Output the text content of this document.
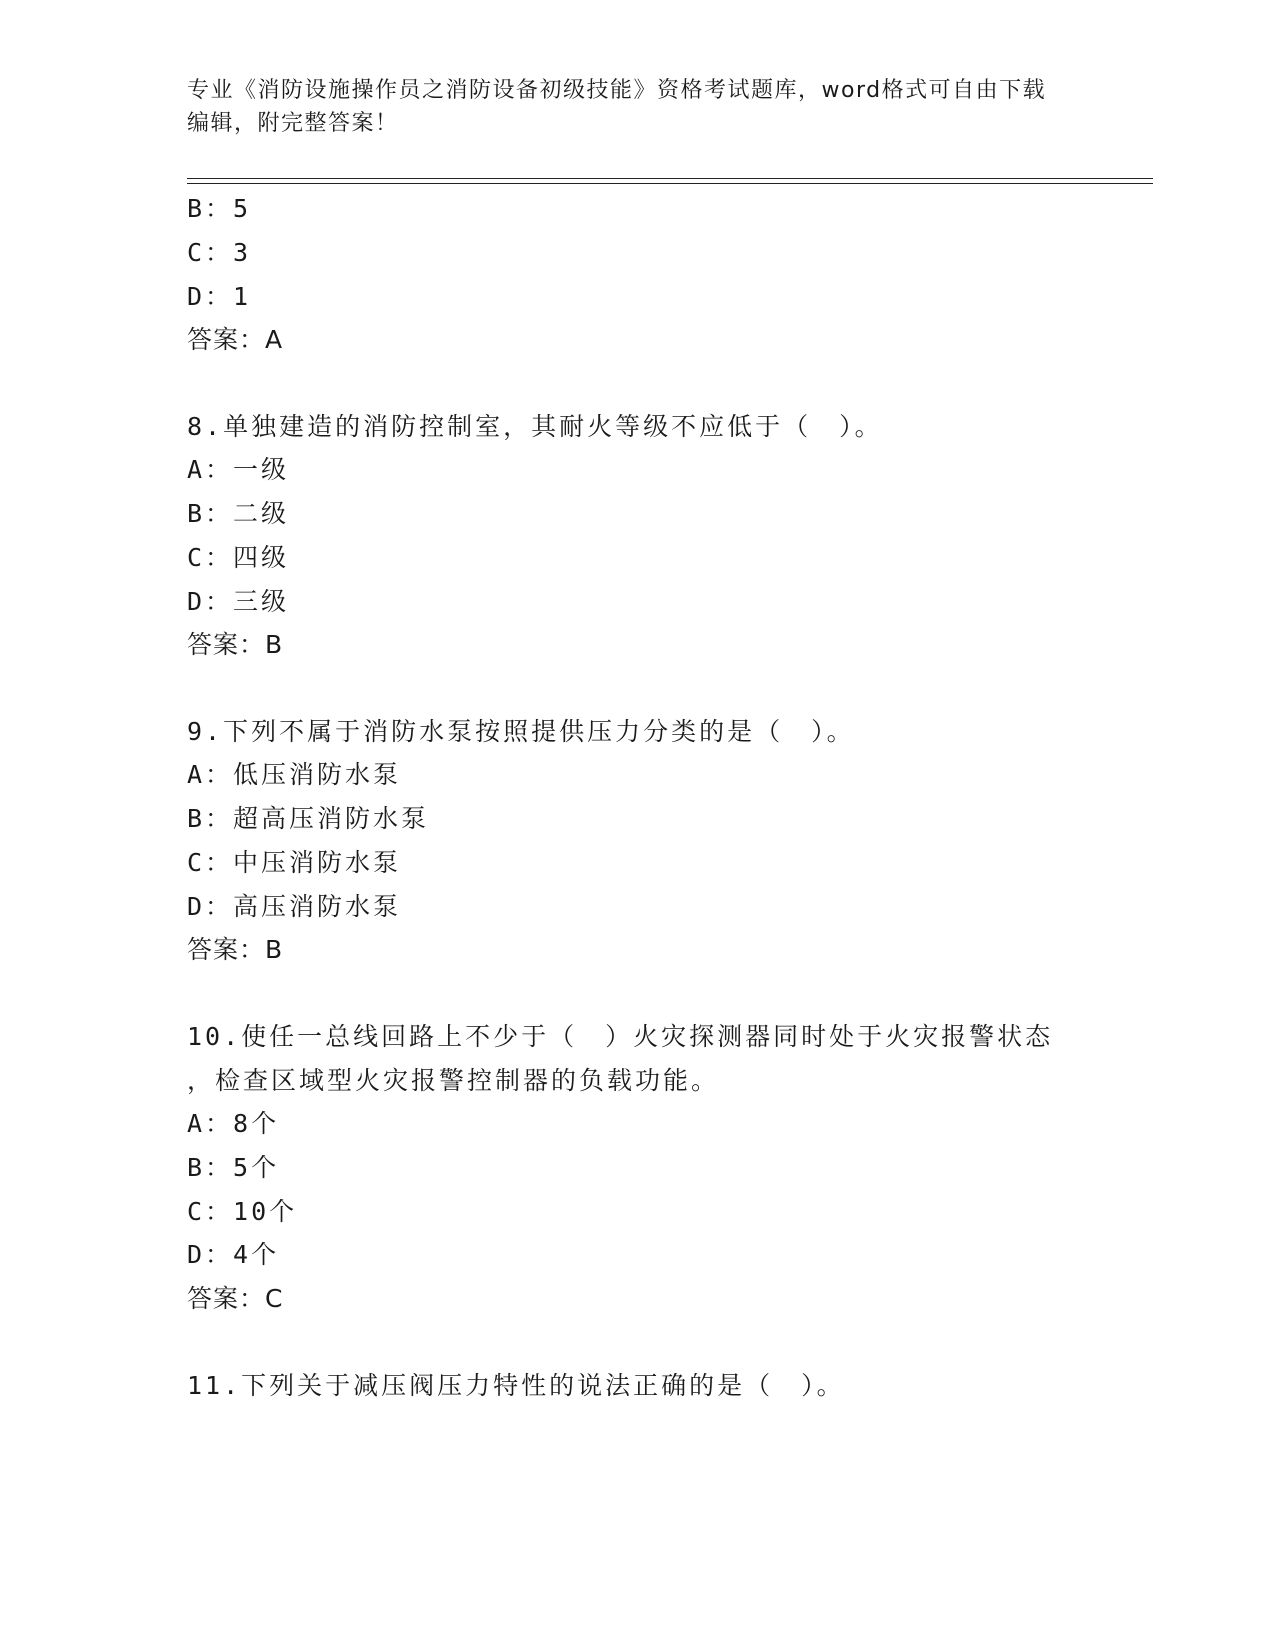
专业《消防设施操作员之消防设备初级技能》资格考试题库，word格式可自由下载编辑，附完整答案！
B：5
C：3
D：1
答案：A
8.单独建造的消防控制室，其耐火等级不应低于（　）。
A：一级
B：二级
C：四级
D：三级
答案：B
9.下列不属于消防水泵按照提供压力分类的是（　）。
A：低压消防水泵
B：超高压消防水泵
C：中压消防水泵
D：高压消防水泵
答案：B
10.使任一总线回路上不少于（　）火灾探测器同时处于火灾报警状态
，检查区域型火灾报警控制器的负载功能。
A：8个
B：5个
C：10个
D：4个
答案：C
11.下列关于减压阀压力特性的说法正确的是（　）。
